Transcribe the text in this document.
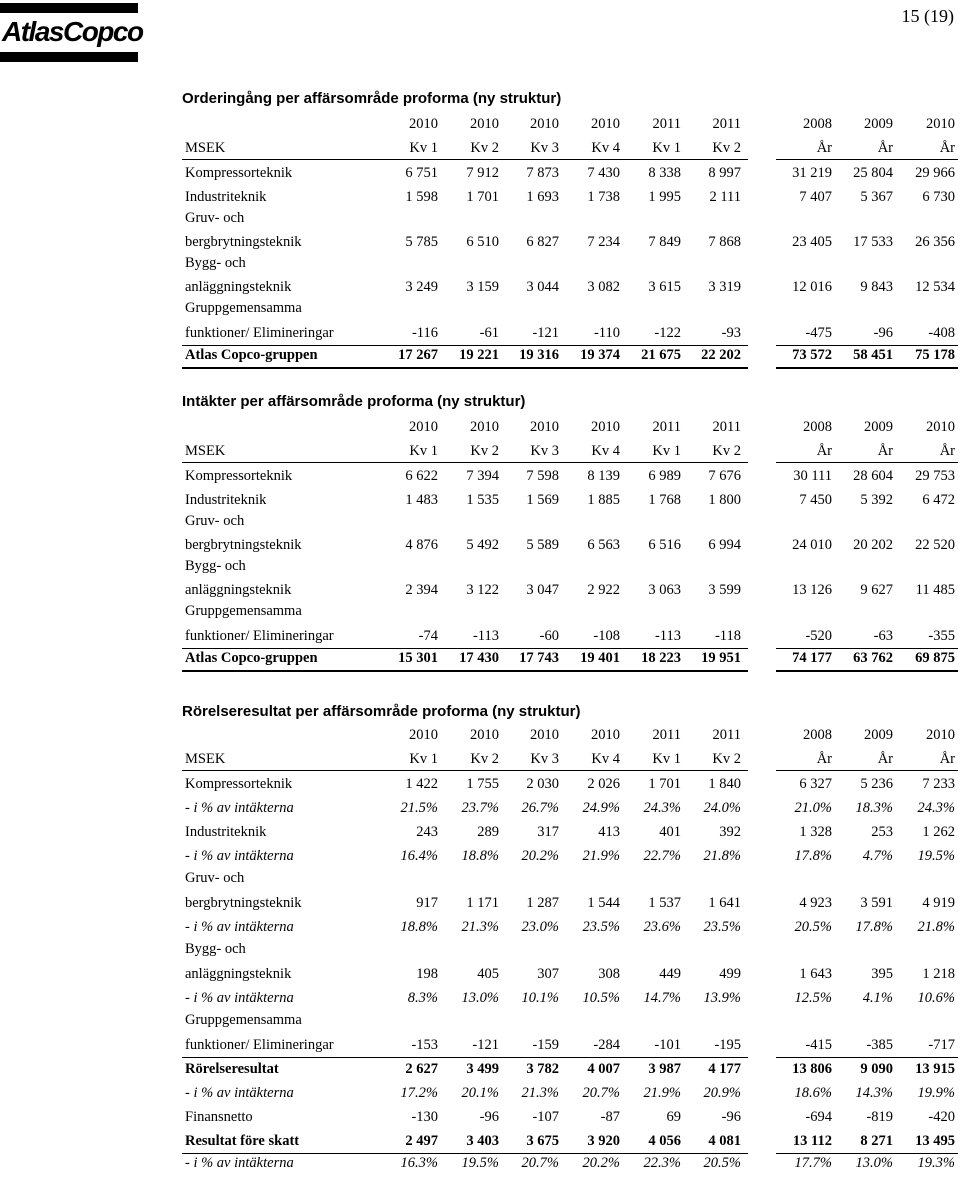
AtlasCopco	15 (19)
Orderingång per affärsområde proforma (ny struktur)
2010	2010	2010	2010	2011	2011	2008	2009	2010
MSEK	Kv 1	Kv 2	Kv 3	Kv 4	Kv 1	Kv 2	År	År	År
Kompressorteknik	6 751	7 912	7 873	7 430	8 338	8 997	31 219	25 804	29 966
Industriteknik	1 598	1 701	1 693	1 738	1 995	2 111	7 407	5 367	6 730
Gruv- och
bergbrytningsteknik	5 785	6 510	6 827	7 234	7 849	7 868	23 405	17 533	26 356
Bygg- och
anläggningsteknik	3 249	3 159	3 044	3 082	3 615	3 319	12 016	9 843	12 534
Gruppgemensamma
funktioner/ Elimineringar	-116	-61	-121	-110	-122	-93	-475	-96	-408
Atlas Copco-gruppen	17 267	19 221	19 316	19 374	21 675	22 202	73 572	58 451	75 178
Intäkter per affärsområde proforma (ny struktur)
2010	2010	2010	2010	2011	2011	2008	2009	2010
MSEK	Kv 1	Kv 2	Kv 3	Kv 4	Kv 1	Kv 2	År	År	År
Kompressorteknik	6 622	7 394	7 598	8 139	6 989	7 676	30 111	28 604	29 753
Industriteknik	1 483	1 535	1 569	1 885	1 768	1 800	7 450	5 392	6 472
Gruv- och
bergbrytningsteknik	4 876	5 492	5 589	6 563	6 516	6 994	24 010	20 202	22 520
Bygg- och
anläggningsteknik	2 394	3 122	3 047	2 922	3 063	3 599	13 126	9 627	11 485
Gruppgemensamma
funktioner/ Elimineringar	-74	-113	-60	-108	-113	-118	-520	-63	-355
Atlas Copco-gruppen	15 301	17 430	17 743	19 401	18 223	19 951	74 177	63 762	69 875
Rörelseresultat per affärsområde proforma (ny struktur)
2010	2010	2010	2010	2011	2011	2008	2009	2010
MSEK	Kv 1	Kv 2	Kv 3	Kv 4	Kv 1	Kv 2	År	År	År
Kompressorteknik	1 422	1 755	2 030	2 026	1 701	1 840	6 327	5 236	7 233
- i % av intäkterna	21.5%	23.7%	26.7%	24.9%	24.3%	24.0%	21.0%	18.3%	24.3%
Industriteknik	243	289	317	413	401	392	1 328	253	1 262
- i % av intäkterna	16.4%	18.8%	20.2%	21.9%	22.7%	21.8%	17.8%	4.7%	19.5%
Gruv- och
bergbrytningsteknik	917	1 171	1 287	1 544	1 537	1 641	4 923	3 591	4 919
- i % av intäkterna	18.8%	21.3%	23.0%	23.5%	23.6%	23.5%	20.5%	17.8%	21.8%
Bygg- och
anläggningsteknik	198	405	307	308	449	499	1 643	395	1 218
- i % av intäkterna	8.3%	13.0%	10.1%	10.5%	14.7%	13.9%	12.5%	4.1%	10.6%
Gruppgemensamma
funktioner/ Elimineringar	-153	-121	-159	-284	-101	-195	-415	-385	-717
Rörelseresultat	2 627	3 499	3 782	4 007	3 987	4 177	13 806	9 090	13 915
- i % av intäkterna	17.2%	20.1%	21.3%	20.7%	21.9%	20.9%	18.6%	14.3%	19.9%
Finansnetto	-130	-96	-107	-87	69	-96	-694	-819	-420
Resultat före skatt	2 497	3 403	3 675	3 920	4 056	4 081	13 112	8 271	13 495
- i % av intäkterna	16.3%	19.5%	20.7%	20.2%	22.3%	20.5%	17.7%	13.0%	19.3%
